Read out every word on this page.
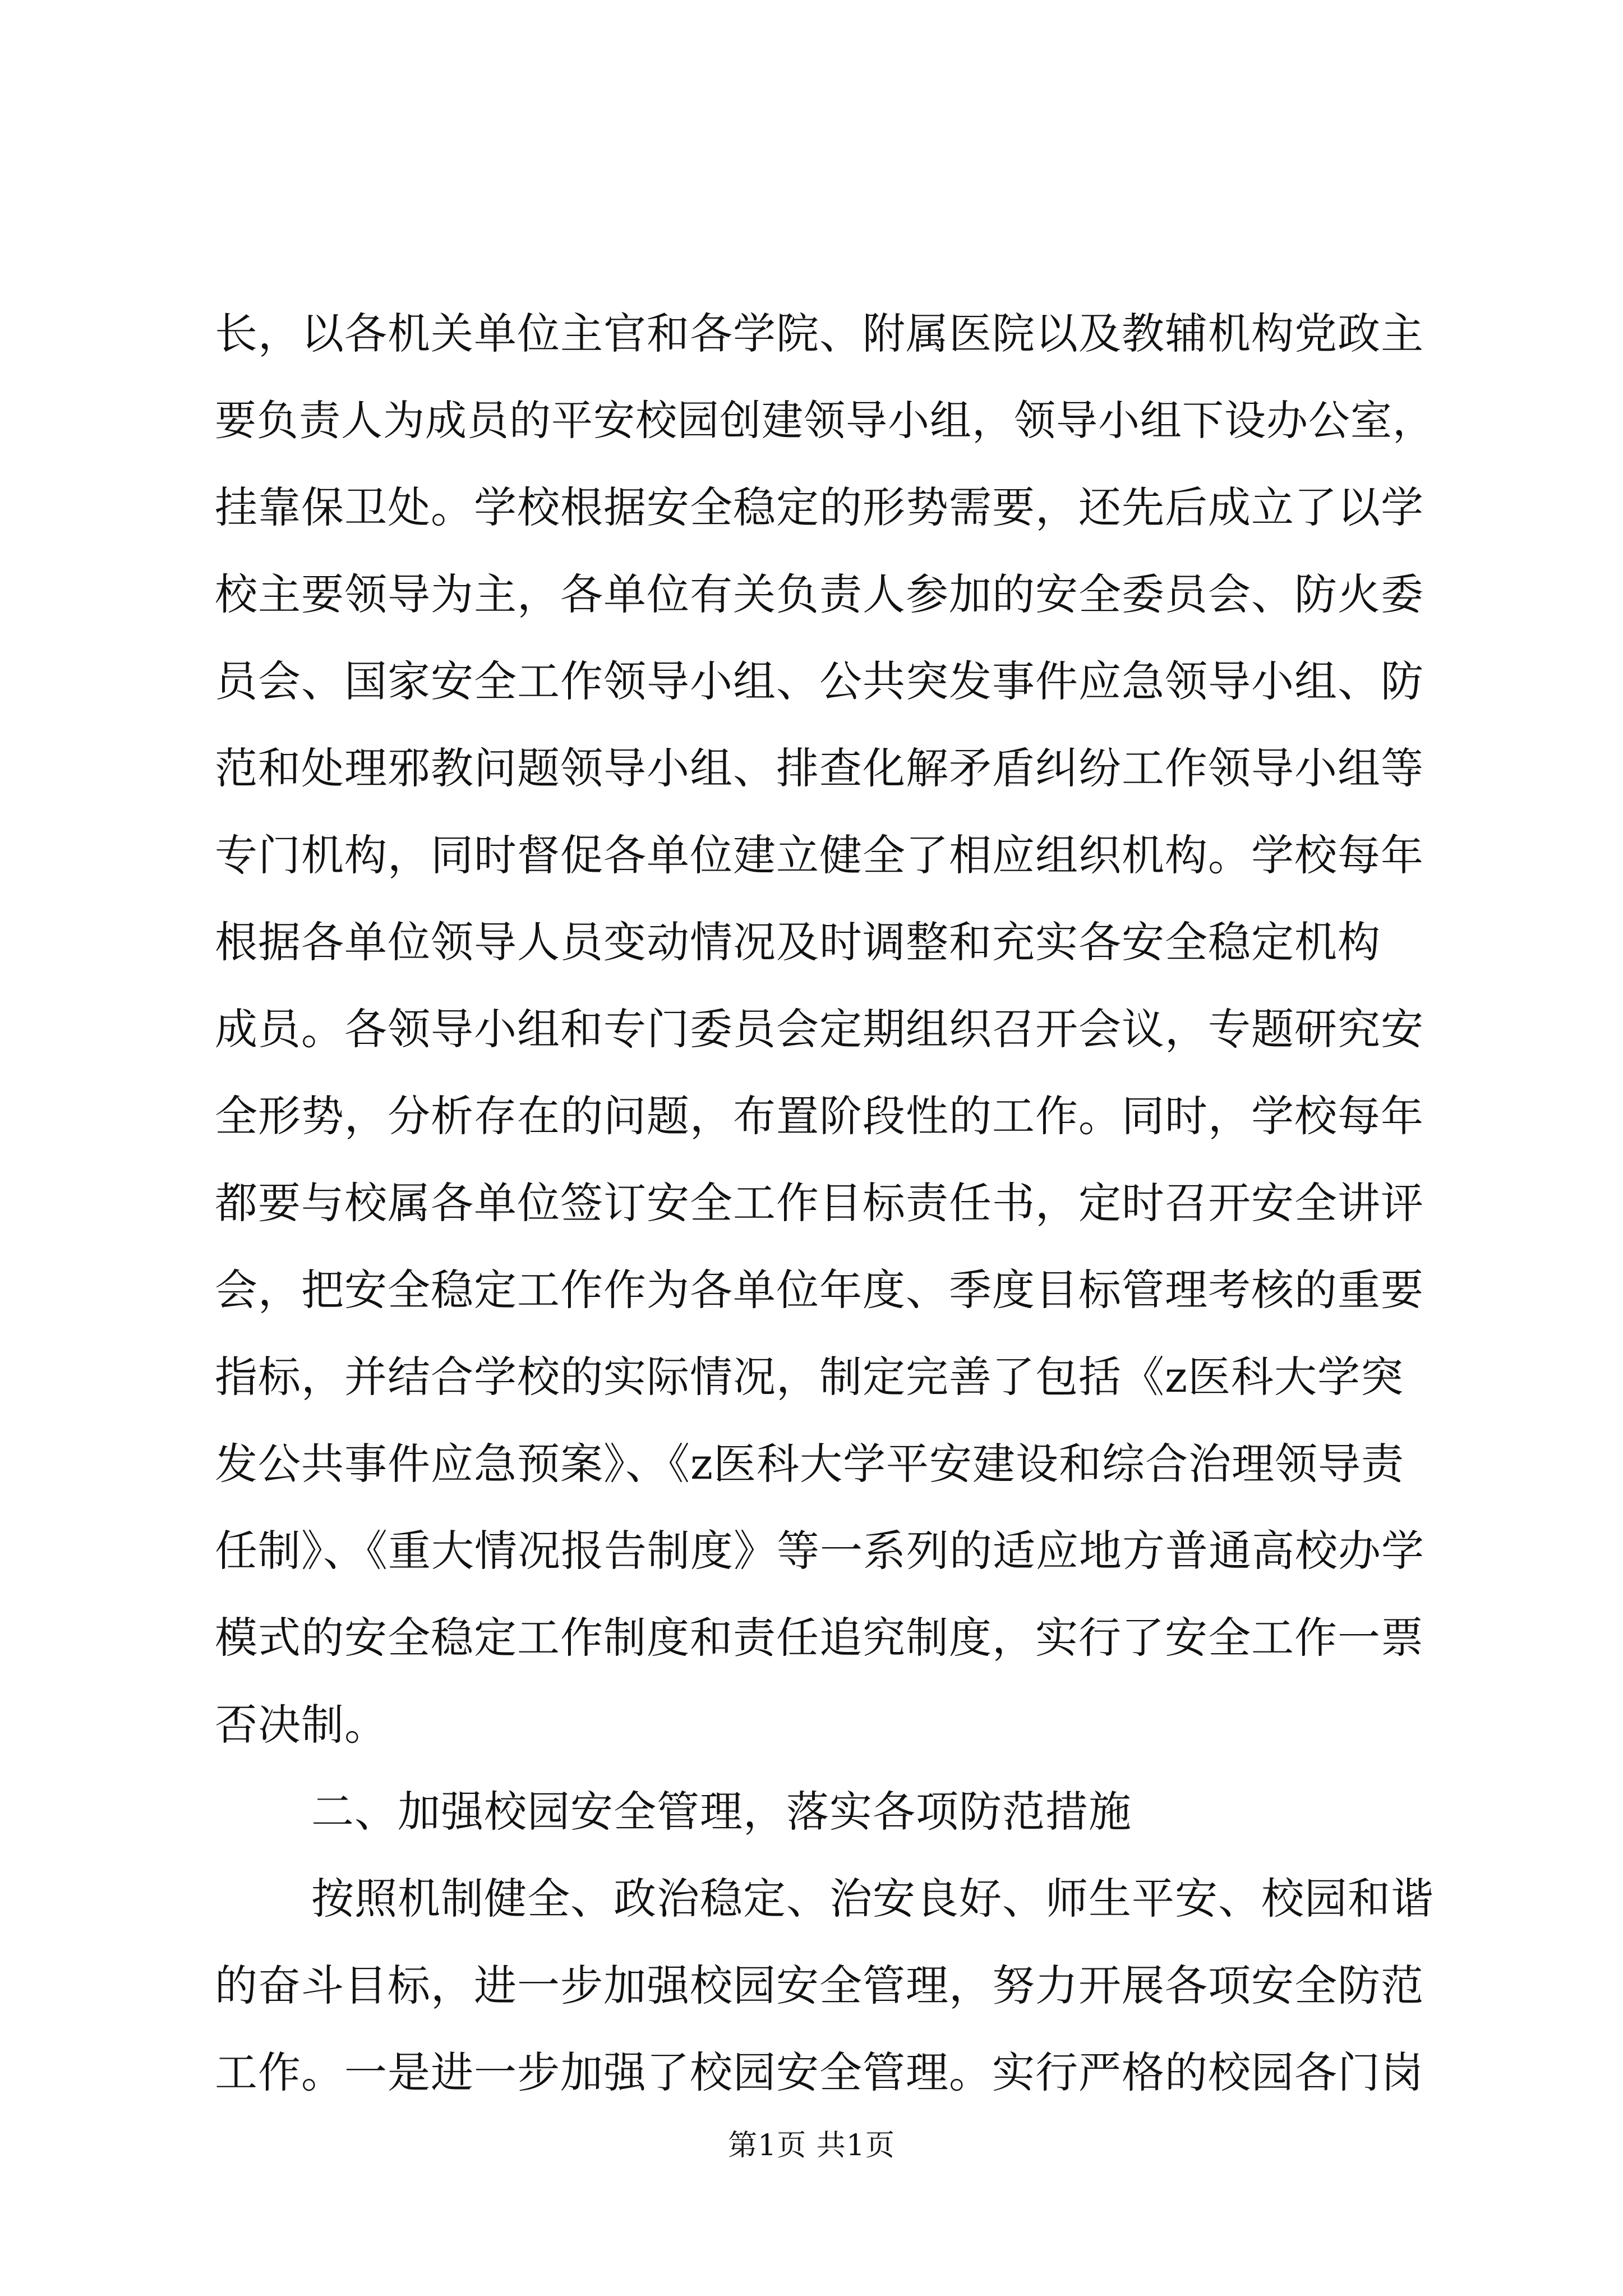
长，以各机关单位主官和各学院、附属医院以及教辅机构党政主
要负责人为成员的平安校园创建领导小组，领导小组下设办公室，
挂靠保卫处。学校根据安全稳定的形势需要，还先后成立了以学
校主要领导为主，各单位有关负责人参加的安全委员会、防火委
员会、国家安全工作领导小组、公共突发事件应急领导小组、防
范和处理邪教问题领导小组、排查化解矛盾纠纷工作领导小组等
专门机构，同时督促各单位建立健全了相应组织机构。学校每年
根据各单位领导人员变动情况及时调整和充实各安全稳定机构
成员。各领导小组和专门委员会定期组织召开会议，专题研究安
全形势，分析存在的问题，布置阶段性的工作。同时，学校每年
都要与校属各单位签订安全工作目标责任书，定时召开安全讲评
会，把安全稳定工作作为各单位年度、季度目标管理考核的重要
指标，并结合学校的实际情况，制定完善了包括《z医科大学突
发公共事件应急预案》、《z医科大学平安建设和综合治理领导责
任制》、《重大情况报告制度》等一系列的适应地方普通高校办学
模式的安全稳定工作制度和责任追究制度，实行了安全工作一票
否决制。
二、加强校园安全管理，落实各项防范措施
按照机制健全、政治稳定、治安良好、师生平安、校园和谐
的奋斗目标，进一步加强校园安全管理，努力开展各项安全防范
工作。一是进一步加强了校园安全管理。实行严格的校园各门岗
第1页 共1页
